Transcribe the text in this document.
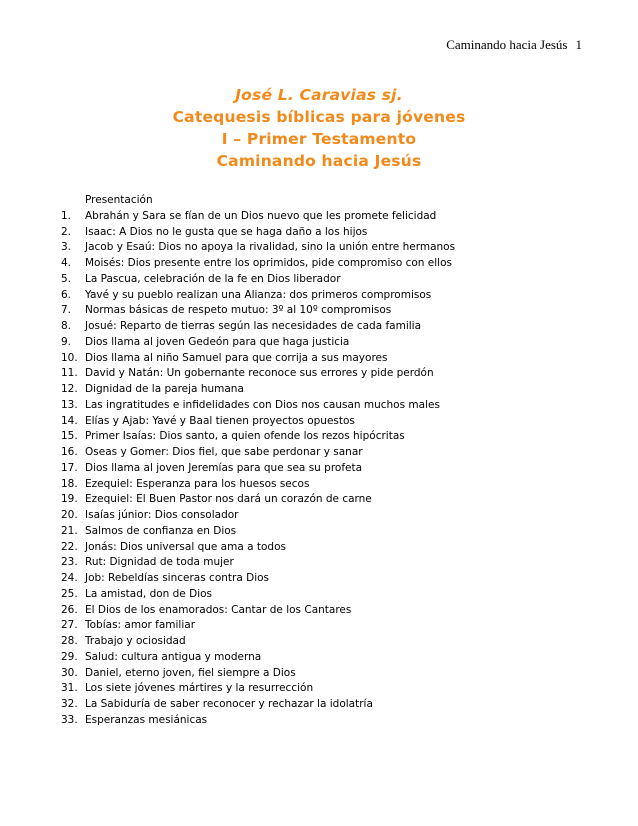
Caminando hacia Jesús 1
José L. Caravias sj.
Catequesis bíblicas para jóvenes
I – Primer Testamento
Caminando hacia Jesús
Presentación
1.	Abrahán y Sara se fían de un Dios nuevo que les promete felicidad
2.	Isaac: A Dios no le gusta que se haga daño a los hijos
3.	Jacob y Esaú: Dios no apoya la rivalidad, sino la unión entre hermanos
4.	Moisés: Dios presente entre los oprimidos, pide compromiso con ellos
5.	La Pascua, celebración de la fe en Dios liberador
6.	Yavé y su pueblo realizan una Alianza: dos primeros compromisos
7.	Normas básicas de respeto mutuo: 3º al 10º compromisos
8.	Josué: Reparto de tierras según las necesidades de cada familia
9.	Dios llama al joven Gedeón para que haga justicia
10. Dios llama al niño Samuel para que corrija a sus mayores
11. David y Natán: Un gobernante reconoce sus errores y pide perdón
12. Dignidad de la pareja humana
13. Las ingratitudes e infidelidades con Dios nos causan muchos males
14. Elías y Ajab: Yavé y Baal tienen proyectos opuestos
15. Primer Isaías: Dios santo, a quien ofende los rezos hipócritas
16. Oseas y Gomer: Dios fiel, que sabe perdonar y sanar
17. Dios llama al joven Jeremías para que sea su profeta
18. Ezequiel: Esperanza para los huesos secos
19. Ezequiel: El Buen Pastor nos dará un corazón de carne
20. Isaías júnior: Dios consolador
21. Salmos de confianza en Dios
22. Jonás: Dios universal que ama a todos
23. Rut: Dignidad de toda mujer
24. Job: Rebeldías sinceras contra Dios
25. La amistad, don de Dios
26. El Dios de los enamorados: Cantar de los Cantares
27. Tobías: amor familiar
28. Trabajo y ociosidad
29. Salud: cultura antigua y moderna
30. Daniel, eterno joven, fiel siempre a Dios
31. Los siete jóvenes mártires y la resurrección
32. La Sabiduría de saber reconocer y rechazar la idolatría
33. Esperanzas mesiánicas
